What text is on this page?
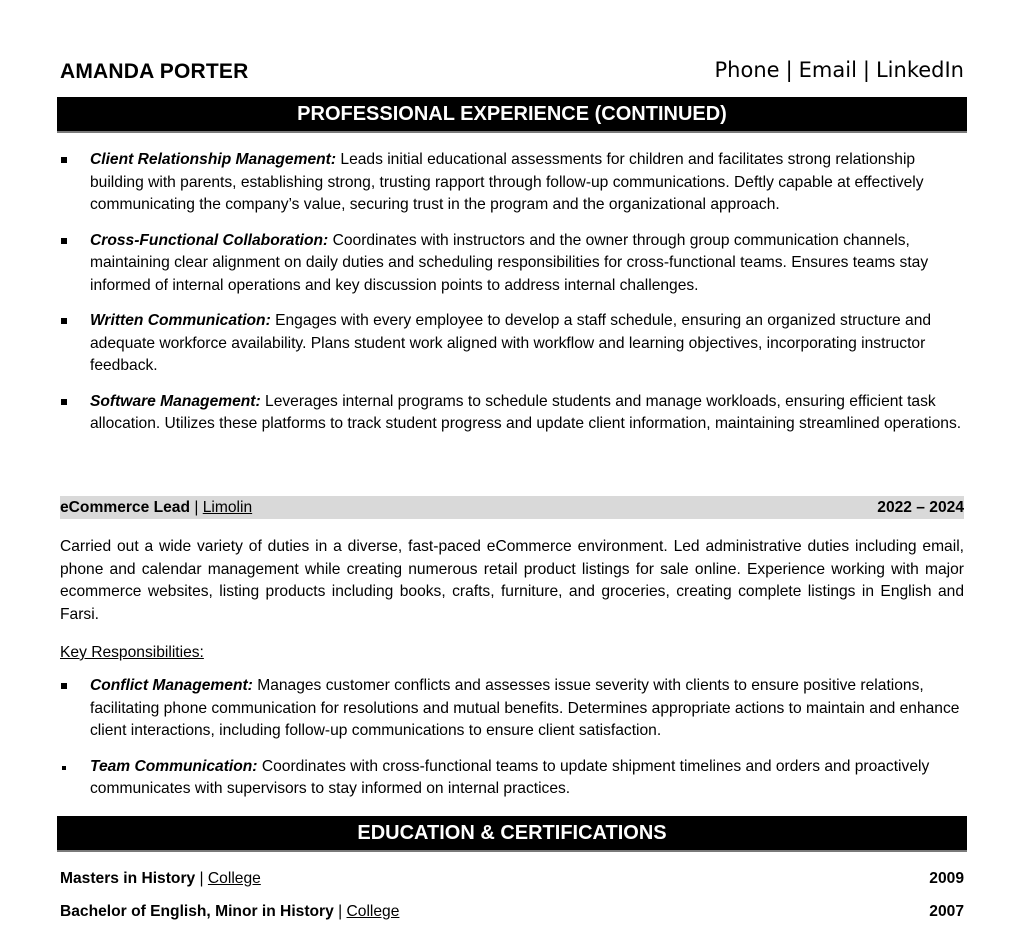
AMANDA PORTER	Phone | Email | LinkedIn
PROFESSIONAL EXPERIENCE (CONTINUED)
Client Relationship Management: Leads initial educational assessments for children and facilitates strong relationship building with parents, establishing strong, trusting rapport through follow-up communications. Deftly capable at effectively communicating the company’s value, securing trust in the program and the organizational approach.
Cross-Functional Collaboration: Coordinates with instructors and the owner through group communication channels, maintaining clear alignment on daily duties and scheduling responsibilities for cross-functional teams. Ensures teams stay informed of internal operations and key discussion points to address internal challenges.
Written Communication: Engages with every employee to develop a staff schedule, ensuring an organized structure and adequate workforce availability. Plans student work aligned with workflow and learning objectives, incorporating instructor feedback.
Software Management: Leverages internal programs to schedule students and manage workloads, ensuring efficient task allocation. Utilizes these platforms to track student progress and update client information, maintaining streamlined operations.
eCommerce Lead | Limolin	2022 – 2024

Carried out a wide variety of duties in a diverse, fast-paced eCommerce environment. Led administrative duties including email, phone and calendar management while creating numerous retail product listings for sale online. Experience working with major ecommerce websites, listing products including books, crafts, furniture, and groceries, creating complete listings in English and Farsi.

Key Responsibilities:
Conflict Management: Manages customer conflicts and assesses issue severity with clients to ensure positive relations, facilitating phone communication for resolutions and mutual benefits. Determines appropriate actions to maintain and enhance client interactions, including follow-up communications to ensure client satisfaction.
Team Communication: Coordinates with cross-functional teams to update shipment timelines and orders and proactively communicates with supervisors to stay informed on internal practices.
EDUCATION & CERTIFICATIONS
Masters in History | College	2009
Bachelor of English, Minor in History | College	2007
